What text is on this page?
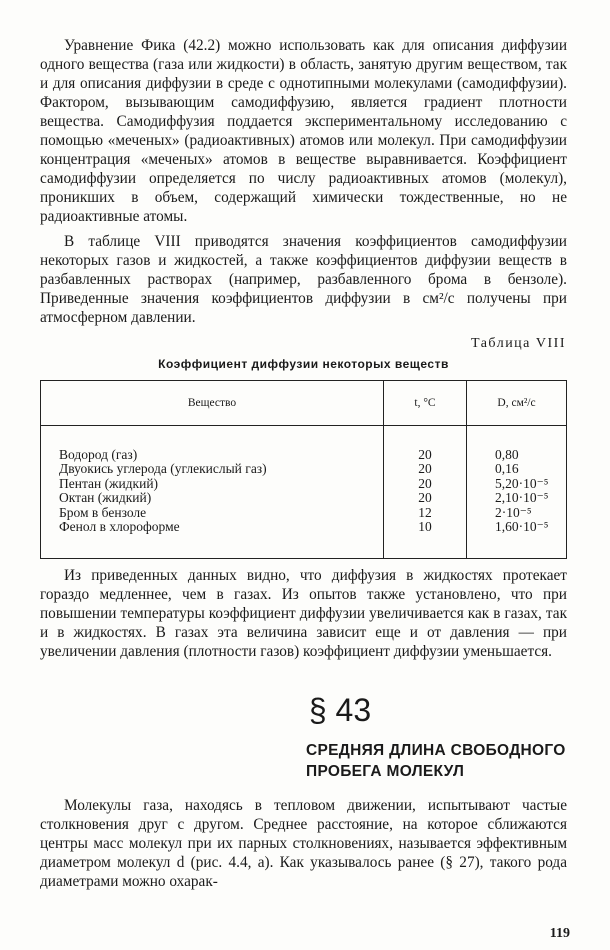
Уравнение Фика (42.2) можно использовать как для описания диффузии одного вещества (газа или жидкости) в область, занятую другим веществом, так и для описания диффузии в среде с однотипными молекулами (самодиффузии). Фактором, вызывающим самодиффузию, является градиент плотности вещества. Самодиффузия поддается экспериментальному исследованию с помощью «меченых» (радиоактивных) атомов или молекул. При самодиффузии концентрация «меченых» атомов в веществе выравнивается. Коэффициент самодиффузии определяется по числу радиоактивных атомов (молекул), проникших в объем, содержащий химически тождественные, но не радиоактивные атомы.

В таблице VIII приводятся значения коэффициентов самодиффузии некоторых газов и жидкостей, а также коэффициентов диффузии веществ в разбавленных растворах (например, разбавленного брома в бензоле). Приведенные значения коэффициентов диффузии в см²/с получены при атмосферном давлении.

Таблица VIII

Коэффициент диффузии некоторых веществ

Вещество	t, °C	D, см²/с
Водород (газ)	20	0,80
Двуокись углерода (углекислый газ)	20	0,16
Пентан (жидкий)	20	5,20·10⁻⁵
Октан (жидкий)	20	2,10·10⁻⁵
Бром в бензоле	12	2·10⁻⁵
Фенол в хлороформе	10	1,60·10⁻⁵

Из приведенных данных видно, что диффузия в жидкостях протекает гораздо медленнее, чем в газах. Из опытов также установлено, что при повышении температуры коэффициент диффузии увеличивается как в газах, так и в жидкостях. В газах эта величина зависит еще и от давления — при увеличении давления (плотности газов) коэффициент диффузии уменьшается.

§ 43

СРЕДНЯЯ ДЛИНА СВОБОДНОГО
ПРОБЕГА МОЛЕКУЛ

Молекулы газа, находясь в тепловом движении, испытывают частые столкновения друг с другом. Среднее расстояние, на которое сближаются центры масс молекул при их парных столкновениях, называется эффективным диаметром молекул d (рис. 4.4, a). Как указывалось ранее (§ 27), такого рода диаметрами можно охарак-

119
